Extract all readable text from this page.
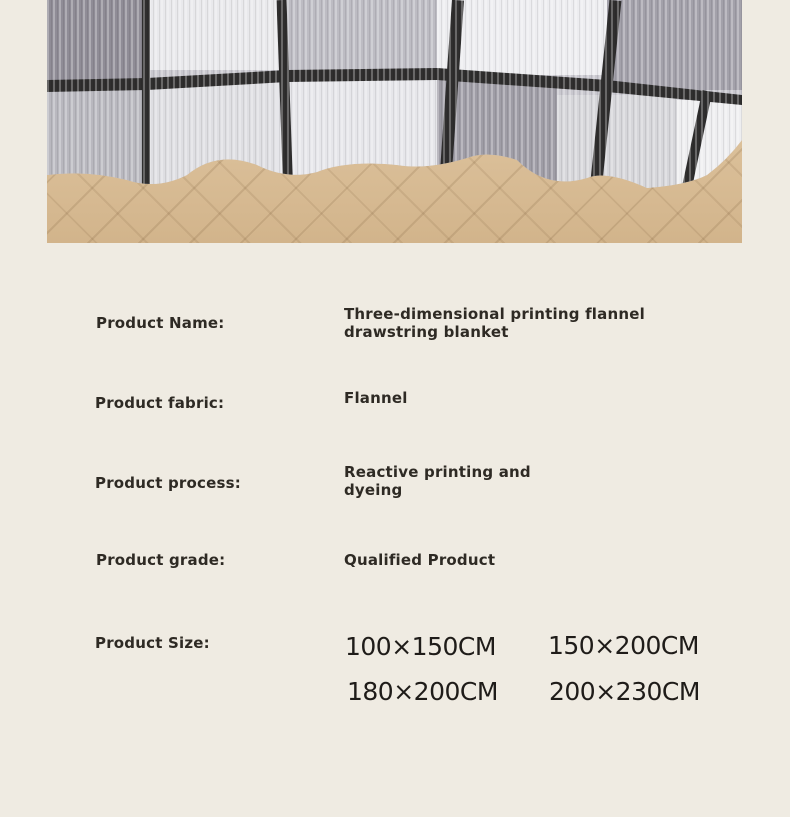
Product Name:	Three-dimensional printing flannel drawstring blanket
Product fabric:	Flannel
Product process:
Reactive printing and dyeing
Product grade:	Qualified Product
Product Size:	100×150CM 150×200CM
180×200CM 200×230CM
